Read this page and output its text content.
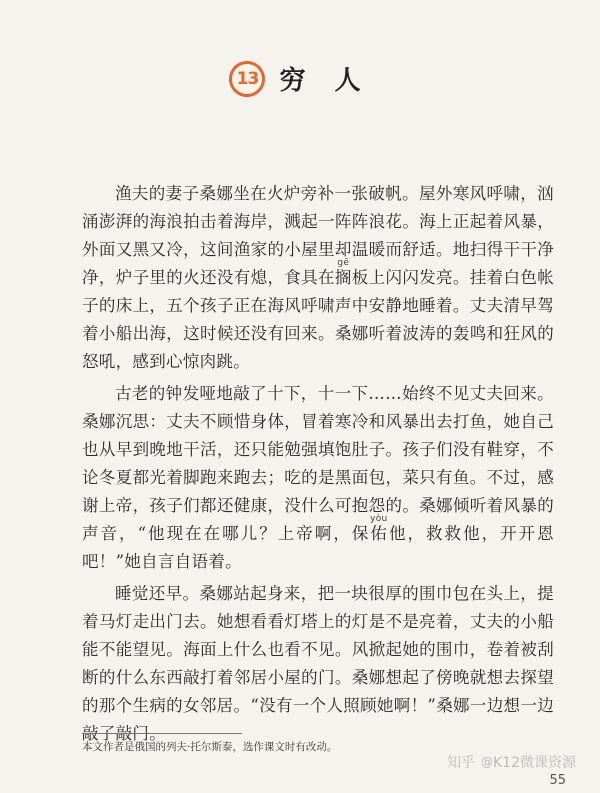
13 穷 人

渔夫的妻子桑娜坐在火炉旁补一张破帆。屋外寒风呼啸，汹涌澎湃的海浪拍击着海岸，溅起一阵阵浪花。海上正起着风暴，外面又黑又冷，这间渔家的小屋里却温暖而舒适。地扫得干干净净，炉子里的火还没有熄，食具在搁gē板上闪闪发亮。挂着白色帐子的床上，五个孩子正在海风呼啸声中安静地睡着。丈夫清早驾着小船出海，这时候还没有回来。桑娜听着波涛的轰鸣和狂风的怒吼，感到心惊肉跳。

古老的钟发哑地敲了十下，十一下……始终不见丈夫回来。桑娜沉思：丈夫不顾惜身体，冒着寒冷和风暴出去打鱼，她自己也从早到晚地干活，还只能勉强填饱肚子。孩子们没有鞋穿，不论冬夏都光着脚跑来跑去；吃的是黑面包，菜只有鱼。不过，感谢上帝，孩子们都还健康，没什么可抱怨的。桑娜倾听着风暴的声音，“他现在在哪儿？上帝啊，保佑yòu他，救救他，开开恩吧！”她自言自语着。

睡觉还早。桑娜站起身来，把一块很厚的围巾包在头上，提着马灯走出门去。她想看看灯塔上的灯是不是亮着，丈夫的小船能不能望见。海面上什么也看不见。风掀起她的围巾，卷着被刮断的什么东西敲打着邻居小屋的门。桑娜想起了傍晚就想去探望的那个生病的女邻居。“没有一个人照顾她啊！”桑娜一边想一边敲了敲门。

本文作者是俄国的列夫·托尔斯泰，选作课文时有改动。
知乎 @ K12微课资源
55
